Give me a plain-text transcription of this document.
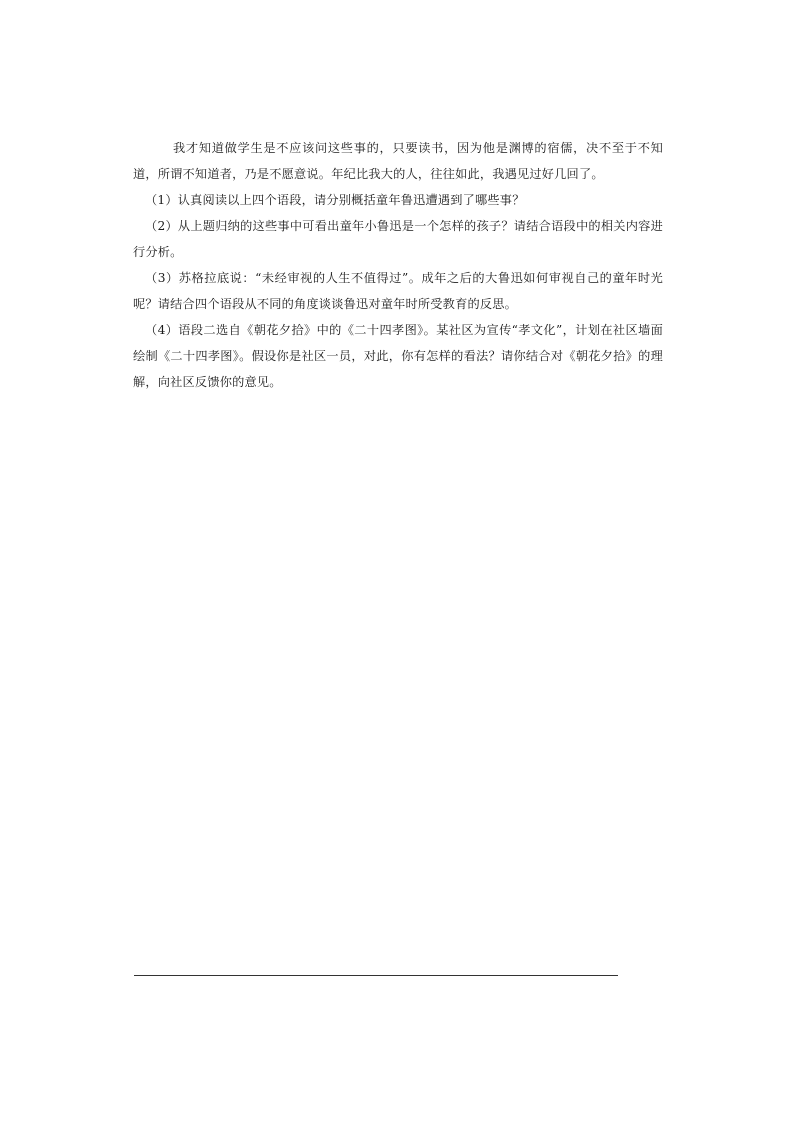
我才知道做学生是不应该问这些事的，只要读书，因为他是渊博的宿儒，决不至于不知道，所谓不知道者，乃是不愿意说。年纪比我大的人，往往如此，我遇见过好几回了。

（1）认真阅读以上四个语段，请分别概括童年鲁迅遭遇到了哪些事？

（2）从上题归纳的这些事中可看出童年小鲁迅是一个怎样的孩子？请结合语段中的相关内容进行分析。

（3）苏格拉底说：“未经审视的人生不值得过”。成年之后的大鲁迅如何审视自己的童年时光呢？请结合四个语段从不同的角度谈谈鲁迅对童年时所受教育的反思。

（4）语段二选自《朝花夕拾》中的《二十四孝图》。某社区为宣传“孝文化”，计划在社区墙面绘制《二十四孝图》。假设你是社区一员，对此，你有怎样的看法？请你结合对《朝花夕拾》的理解，向社区反馈你的意见。
